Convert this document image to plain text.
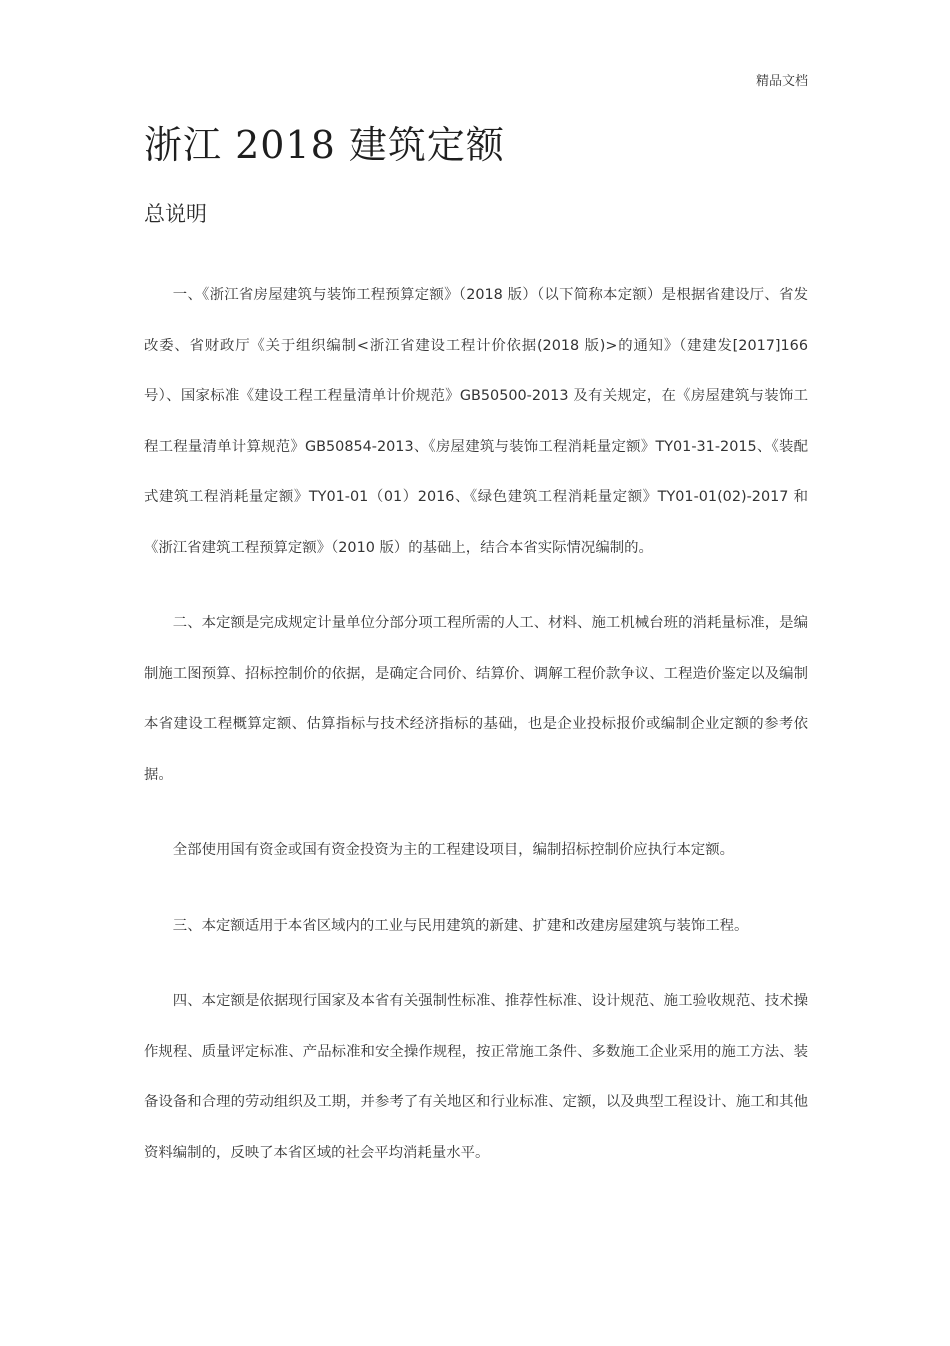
精品文档
浙江 2018 建筑定额
总说明

一、《浙江省房屋建筑与装饰工程预算定额》（2018 版）（以下简称本定额）是根据省建设厅、省发改委、省财政厅《关于组织编制<浙江省建设工程计价依据(2018 版)>的通知》（建建发[2017]166 号）、国家标准《建设工程工程量清单计价规范》GB50500-2013 及有关规定，在《房屋建筑与装饰工程工程量清单计算规范》GB50854-2013、《房屋建筑与装饰工程消耗量定额》TY01-31-2015、《装配式建筑工程消耗量定额》TY01-01（01）2016、《绿色建筑工程消耗量定额》TY01-01(02)-2017 和《浙江省建筑工程预算定额》（2010 版）的基础上，结合本省实际情况编制的。

二、本定额是完成规定计量单位分部分项工程所需的人工、材料、施工机械台班的消耗量标准，是编制施工图预算、招标控制价的依据，是确定合同价、结算价、调解工程价款争议、工程造价鉴定以及编制本省建设工程概算定额、估算指标与技术经济指标的基础，也是企业投标报价或编制企业定额的参考依据。

全部使用国有资金或国有资金投资为主的工程建设项目，编制招标控制价应执行本定额。

三、本定额适用于本省区域内的工业与民用建筑的新建、扩建和改建房屋建筑与装饰工程。

四、本定额是依据现行国家及本省有关强制性标准、推荐性标准、设计规范、施工验收规范、技术操作规程、质量评定标准、产品标准和安全操作规程，按正常施工条件、多数施工企业采用的施工方法、装备设备和合理的劳动组织及工期，并参考了有关地区和行业标准、定额，以及典型工程设计、施工和其他资料编制的，反映了本省区域的社会平均消耗量水平。
